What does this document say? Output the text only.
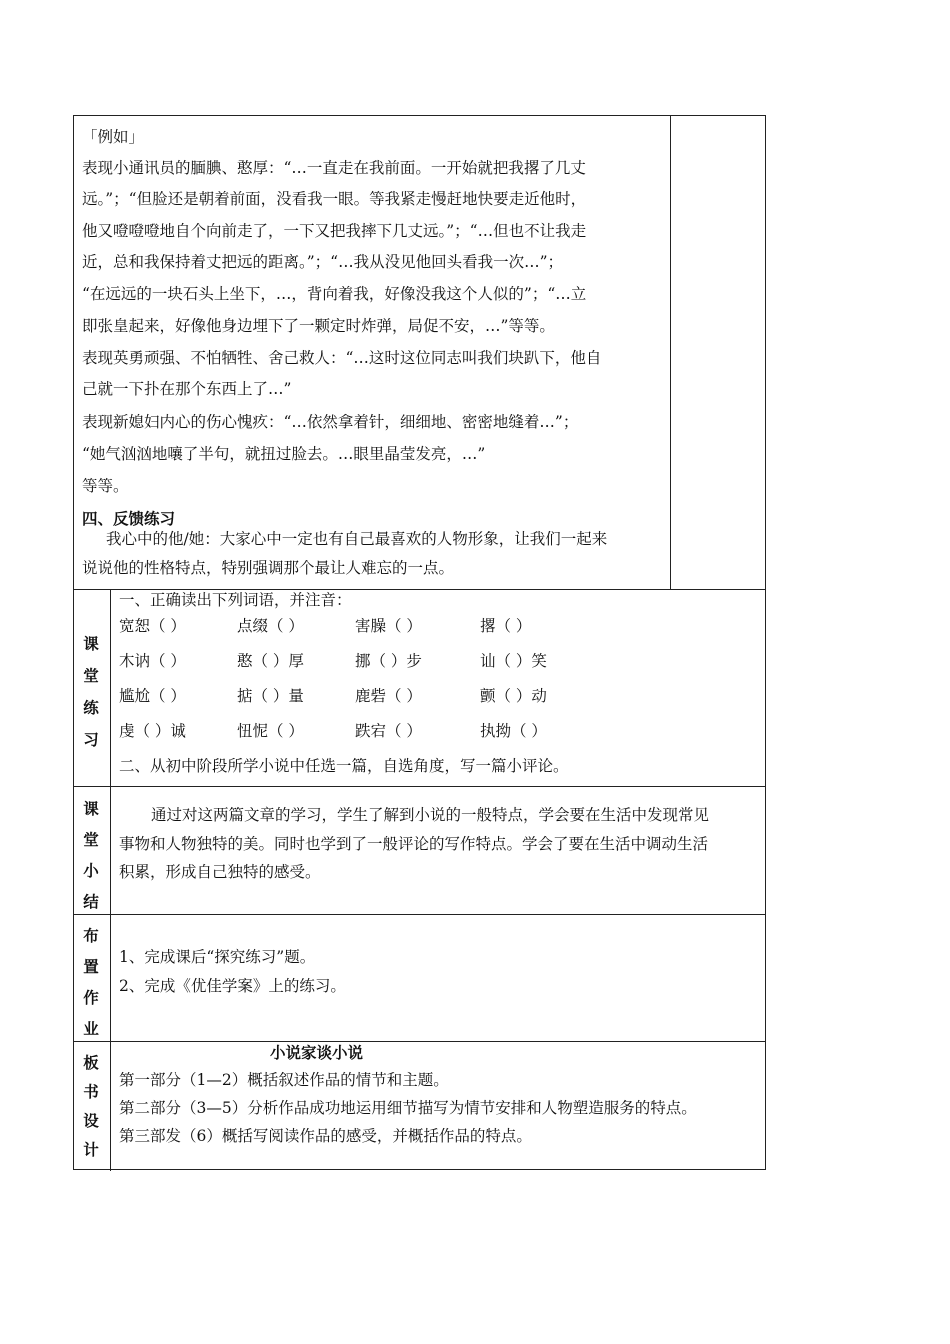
「例如」
表现小通讯员的腼腆、憨厚：“…一直走在我前面。一开始就把我撂了几丈
远。”；“但脸还是朝着前面，没看我一眼。等我紧走慢赶地快要走近他时，
他又噔噔噔地自个向前走了，一下又把我摔下几丈远。”；“…但也不让我走
近，总和我保持着丈把远的距离。”；“…我从没见他回头看我一次…”；
“在远远的一块石头上坐下，…，背向着我，好像没我这个人似的”；“…立
即张皇起来，好像他身边埋下了一颗定时炸弹，局促不安，…”等等。
表现英勇顽强、不怕牺牲、舍己救人：“…这时这位同志叫我们块趴下，他自
己就一下扑在那个东西上了…”
表现新媳妇内心的伤心愧疚：“…依然拿着针，细细地、密密地缝着…”；
“她气汹汹地嚷了半句，就扭过脸去。…眼里晶莹发亮，…”
等等。
四、反馈练习
我心中的他/她：大家心中一定也有自己最喜欢的人物形象，让我们一起来
说说他的性格特点，特别强调那个最让人难忘的一点。
课
堂
练
习
一、正确读出下列词语，并注音：
宽恕（ ）	点缀（ ）	害臊（ ）	撂（ ）
木讷（ ）	憨（ ）厚	挪（ ）步	讪（ ）笑
尴尬（ ）	掂（ ）量	鹿砦（ ）	颤（ ）动
虔（ ）诚	忸怩（ ）	跌宕（ ）	执拗（ ）
二、从初中阶段所学小说中任选一篇，自选角度，写一篇小评论。
课
堂
小
结
通过对这两篇文章的学习，学生了解到小说的一般特点，学会要在生活中发现常见
事物和人物独特的美。同时也学到了一般评论的写作特点。学会了要在生活中调动生活
积累，形成自己独特的感受。
布
置
作
业
1、完成课后“探究练习”题。
2、完成《优佳学案》上的练习。
板
书
设
计
小说家谈小说
第一部分（1—2）概括叙述作品的情节和主题。
第二部分（3—5）分析作品成功地运用细节描写为情节安排和人物塑造服务的特点。
第三部发（6）概括写阅读作品的感受，并概括作品的特点。
